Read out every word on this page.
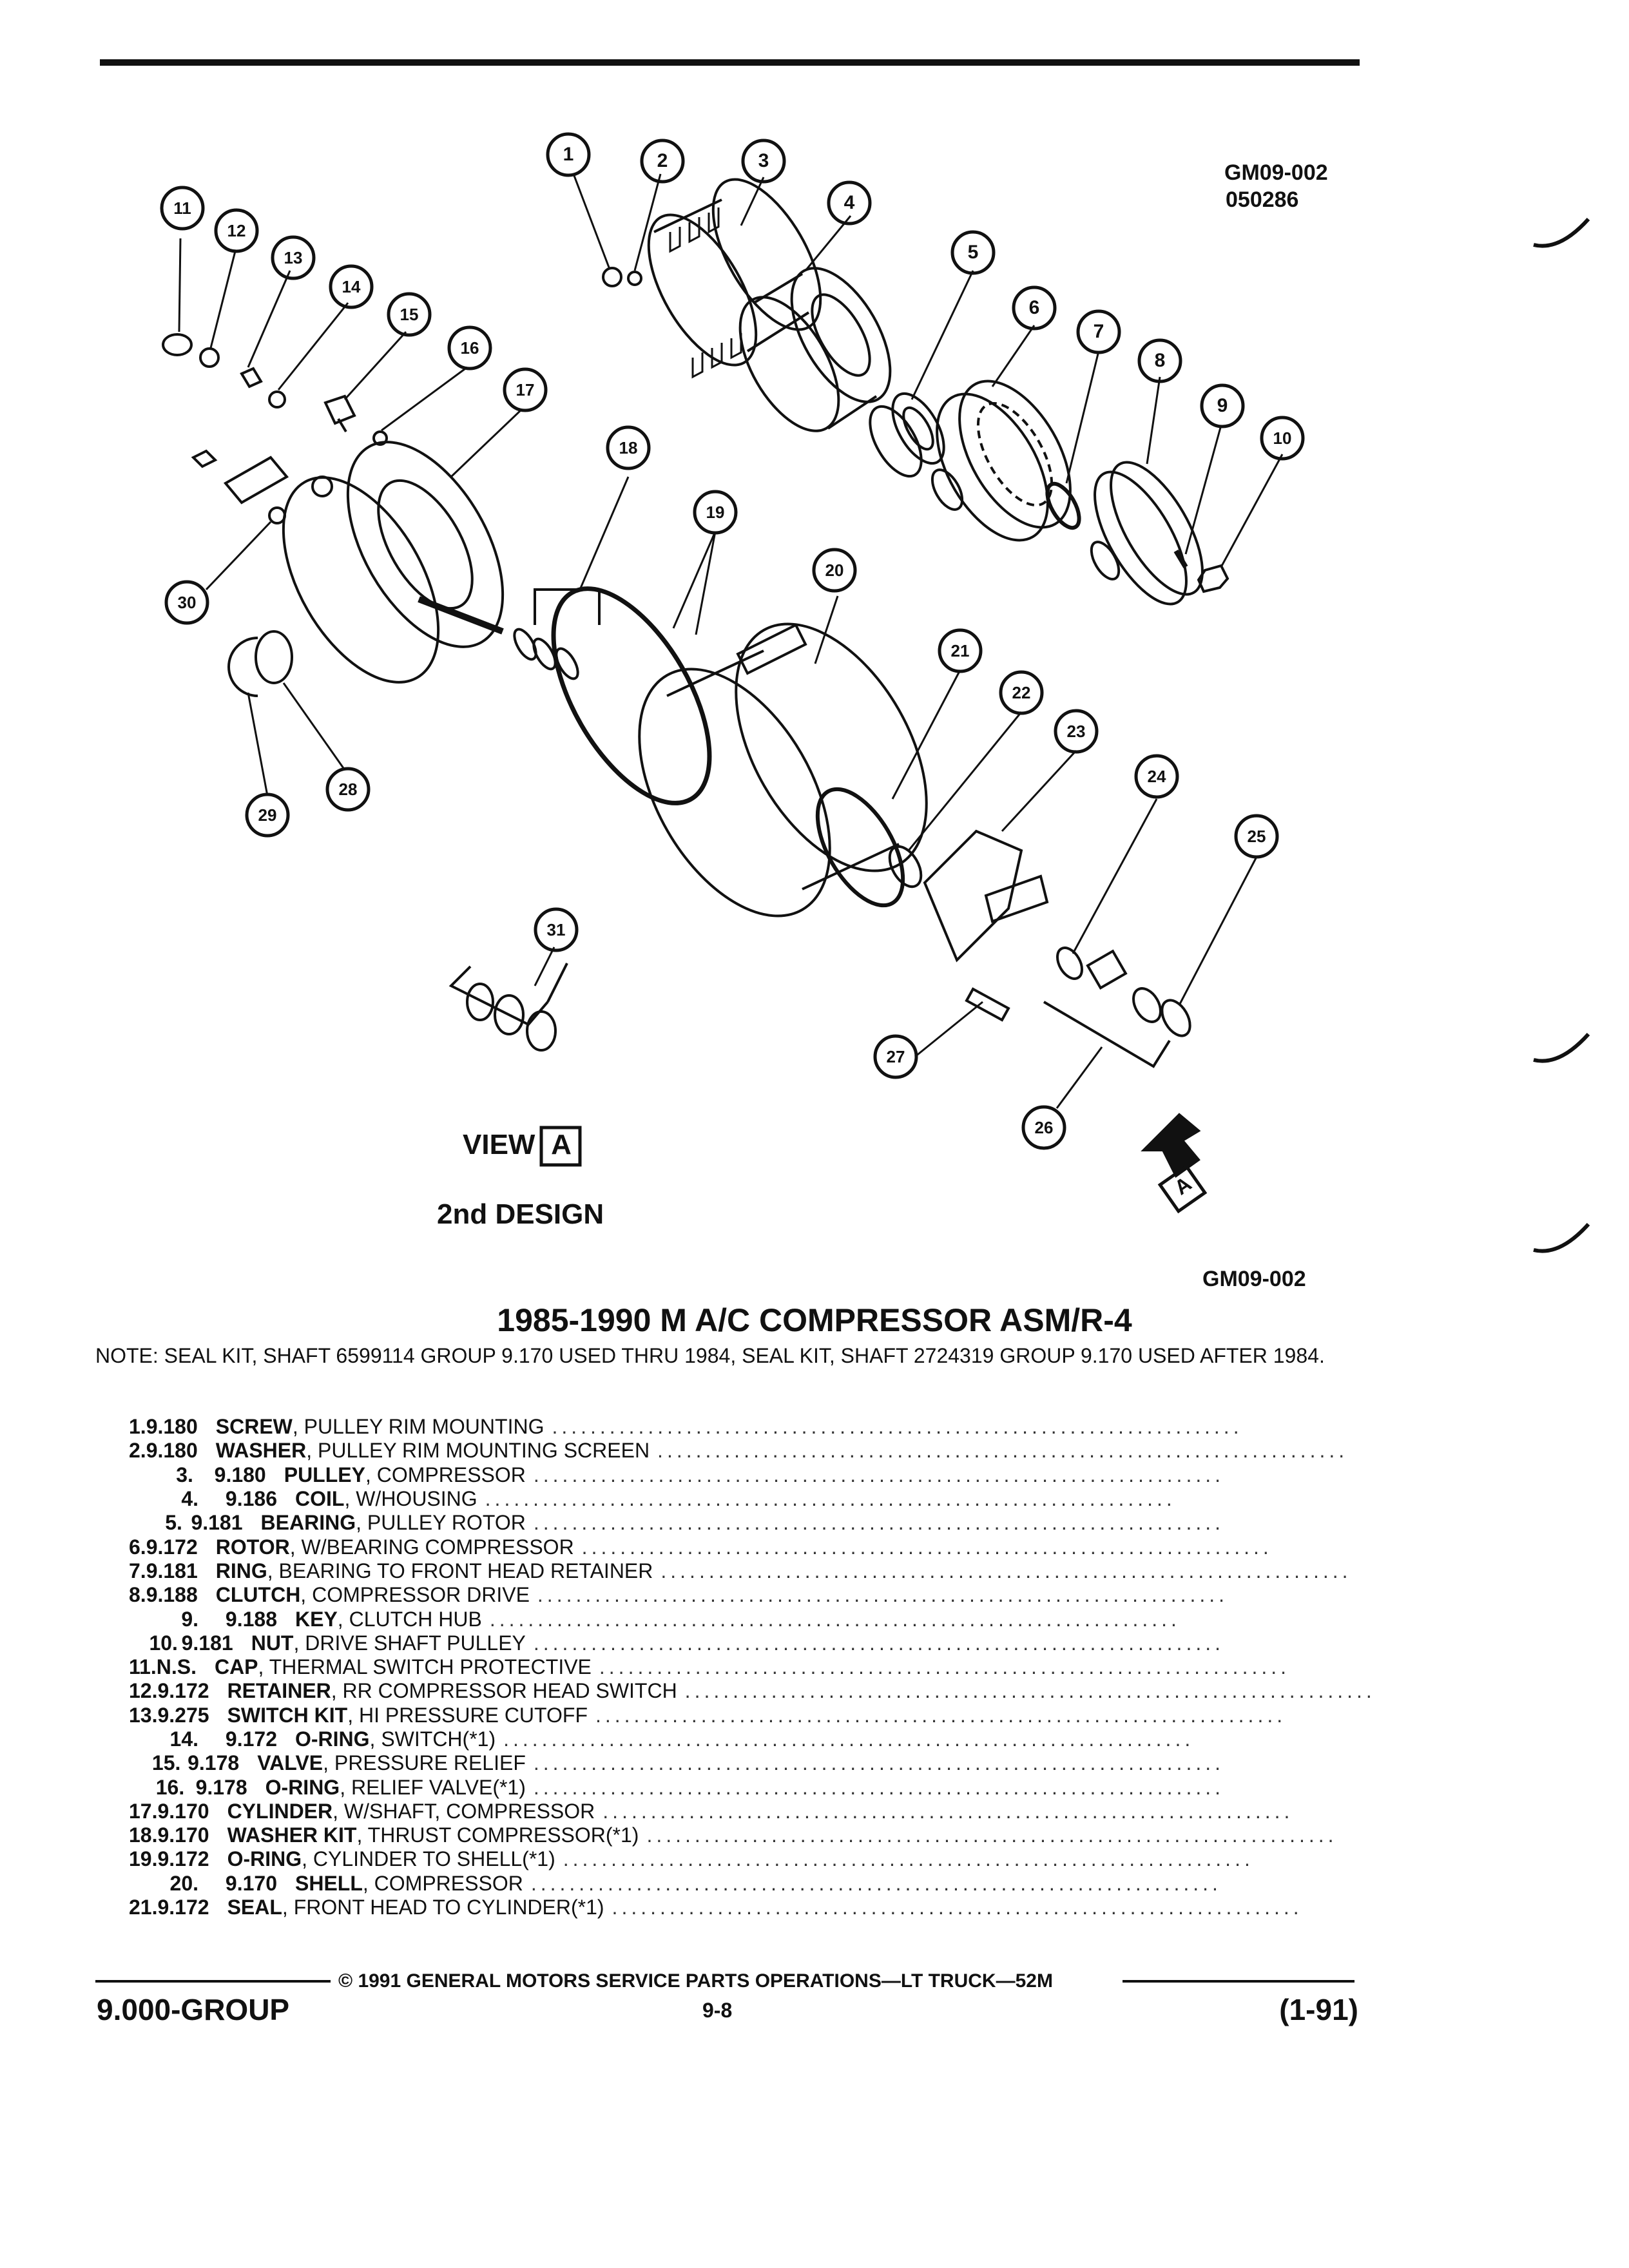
1	2	3
4
5
6
7
8
9
10
11
12
13
14
15
16
17
18
19
20
21
22
23
24
25
26
27
28
29
30
31
GM09-002
050286
VIEW A
A
2nd DESIGN
GM09-002
1985-1990 M A/C COMPRESSOR ASM/R-4
NOTE: SEAL KIT, SHAFT 6599114 GROUP 9.170 USED THRU 1984, SEAL KIT, SHAFT 2724319 GROUP 9.170 USED AFTER 1984.
1. 9.180 SCREW , PULLEY RIM MOUNTING ........................................................................
2. 9.180 WASHER , PULLEY RIM MOUNTING SCREEN ........................................................................
3.	9.180 PULLEY , COMPRESSOR ........................................................................
4.	9.186 COIL , W/HOUSING ........................................................................
5. 9.181 BEARING , PULLEY ROTOR ........................................................................
6. 9.172 ROTOR , W/BEARING COMPRESSOR ........................................................................
7. 9.181 RING , BEARING TO FRONT HEAD RETAINER ........................................................................
8. 9.188 CLUTCH , COMPRESSOR DRIVE ........................................................................
9.	9.188 KEY , CLUTCH HUB ........................................................................
10. 9.181 NUT , DRIVE SHAFT PULLEY ........................................................................
11. N.S. CAP , THERMAL SWITCH PROTECTIVE ........................................................................
12. 9.172 RETAINER , RR COMPRESSOR HEAD SWITCH ........................................................................
13. 9.275 SWITCH KIT , HI PRESSURE CUTOFF ........................................................................
14.	9.172 O-RING , SWITCH(*1) ........................................................................
15. 9.178 VALVE , PRESSURE RELIEF ........................................................................
16. 9.178 O-RING , RELIEF VALVE(*1) ........................................................................
17. 9.170 CYLINDER , W/SHAFT, COMPRESSOR ........................................................................
18. 9.170 WASHER KIT , THRUST COMPRESSOR(*1) ........................................................................
19. 9.172 O-RING , CYLINDER TO SHELL(*1) ........................................................................
20.	9.170 SHELL , COMPRESSOR ........................................................................
21. 9.172 SEAL , FRONT HEAD TO CYLINDER(*1) ........................................................................
© 1991 GENERAL MOTORS SERVICE PARTS OPERATIONS—LT TRUCK—52M
9.000-GROUP	9-8	(1-91)
